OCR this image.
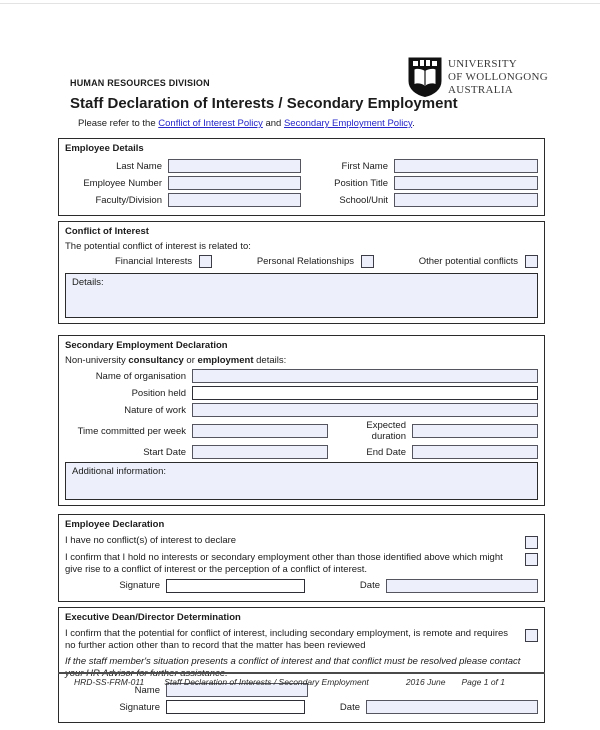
UNIVERSITY
OF WOLLONGONG
AUSTRALIA
HUMAN RESOURCES DIVISION
Staff Declaration of Interests / Secondary Employment
Please refer to the Conflict of Interest Policy and Secondary Employment Policy.
Employee Details
Last Name	First Name
Employee Number	Position Title
Faculty/Division	School/Unit
Conflict of Interest
The potential conflict of interest is related to:
Financial Interests	Personal Relationships	Other potential conflicts
Details:
Secondary Employment Declaration
Non-university consultancy or employment details:
Name of organisation
Position held
Nature of work
Time committed per week	Expected duration
Start Date	End Date
Additional information:
Employee Declaration
I have no conflict(s) of interest to declare
I confirm that I hold no interests or secondary employment other than those identified above which might give rise to a conflict of interest or the perception of a conflict of interest.
Signature	Date
Executive Dean/Director Determination
I confirm that the potential for conflict of interest, including secondary employment, is remote and requires no further action other than to record that the matter has been reviewed
If the staff member's situation presents a conflict of interest and that conflict must be resolved please contact your HR Advisor for further assistance.
Name
Signature	Date
HRD-SS-FRM-011 Staff Declaration of Interests / Secondary Employment	2016 June Page 1 of 1
